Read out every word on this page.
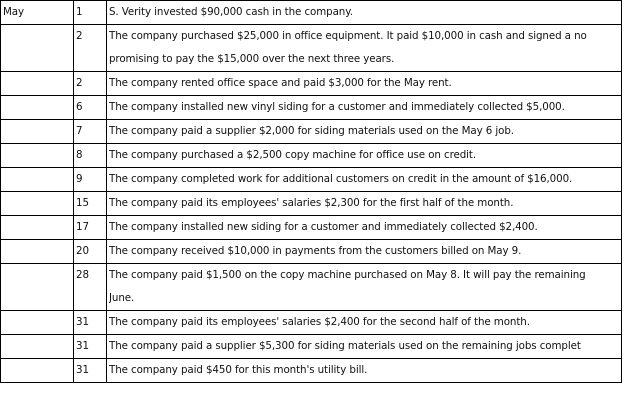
May	1	S. Verity invested $90,000 cash in the company.

	2	The company purchased $25,000 in office equipment. It paid $10,000 in cash and signed a no
promising to pay the $15,000 over the next three years.

	2	The company rented office space and paid $3,000 for the May rent.

	6	The company installed new vinyl siding for a customer and immediately collected $5,000.

	7	The company paid a supplier $2,000 for siding materials used on the May 6 job.

	8	The company purchased a $2,500 copy machine for office use on credit.

	9	The company completed work for additional customers on credit in the amount of $16,000.

	15	The company paid its employees' salaries $2,300 for the first half of the month.

	17	The company installed new siding for a customer and immediately collected $2,400.

	20	The company received $10,000 in payments from the customers billed on May 9.

	28	The company paid $1,500 on the copy machine purchased on May 8. It will pay the remaining
June.

	31	The company paid its employees' salaries $2,400 for the second half of the month.

	31	The company paid a supplier $5,300 for siding materials used on the remaining jobs complet

	31	The company paid $450 for this month's utility bill.
